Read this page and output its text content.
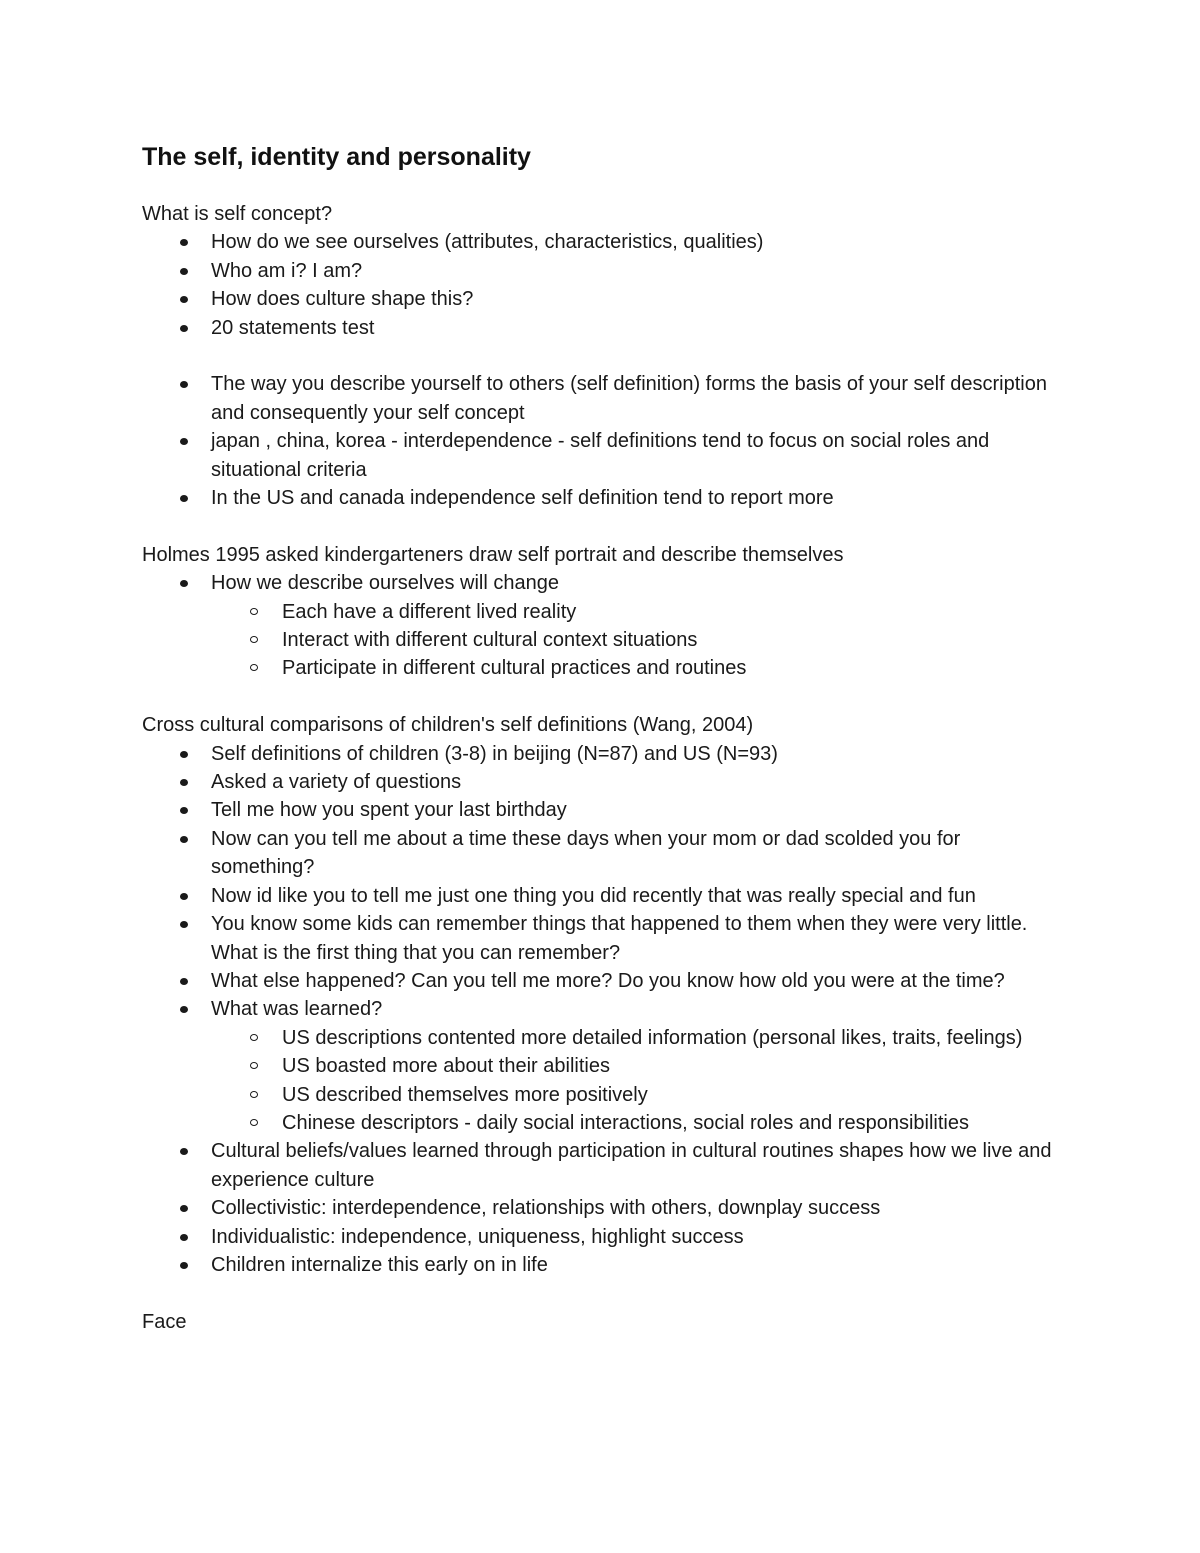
The self, identity and personality

What is self concept?

How do we see ourselves (attributes, characteristics, qualities)
Who am i? I am?
How does culture shape this?
20 statements test
The way you describe yourself to others (self definition) forms the basis of your self description and consequently your self concept
japan , china, korea - interdependence - self definitions tend to focus on social roles and situational criteria
In the US and canada independence self definition tend to report more

Holmes 1995 asked kindergarteners draw self portrait and describe themselves

How we describe ourselves will change
Each have a different lived reality
Interact with different cultural context situations
Participate in different cultural practices and routines

Cross cultural comparisons of children's self definitions (Wang, 2004)

Self definitions of children (3-8) in beijing (N=87) and US (N=93)
Asked a variety of questions
Tell me how you spent your last birthday
Now can you tell me about a time these days when your mom or dad scolded you for something?
Now id like you to tell me just one thing you did recently that was really special and fun
You know some kids can remember things that happened to them when they were very little. What is the first thing that you can remember?
What else happened? Can you tell me more? Do you know how old you were at the time?
What was learned?
US descriptions contented more detailed information (personal likes, traits, feelings)
US boasted more about their abilities
US described themselves more positively
Chinese descriptors - daily social interactions, social roles and responsibilities
Cultural beliefs/values learned through participation in cultural routines shapes how we live and experience culture
Collectivistic: interdependence, relationships with others, downplay success
Individualistic: independence, uniqueness, highlight success
Children internalize this early on in life

Face
